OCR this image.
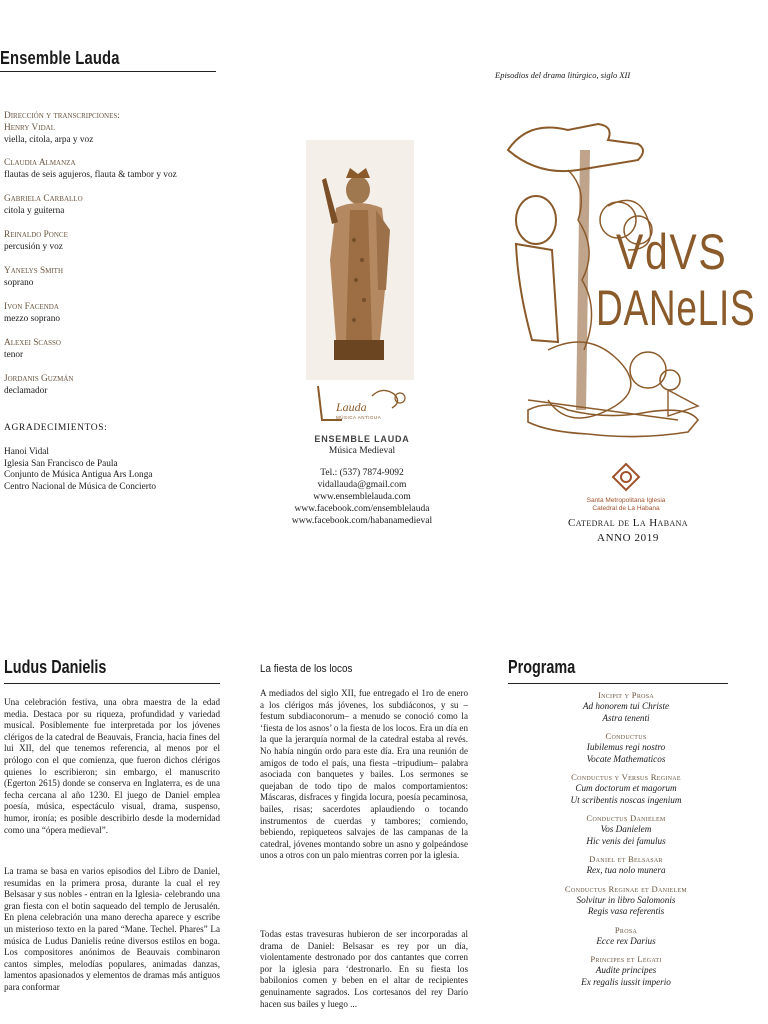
Ensemble Lauda
Dirección y transcripciones:
Henry Vidal
viella, citola, arpa y voz
Claudia Almanza
flautas de seis agujeros, flauta & tambor y voz
Gabriela Carballo
citola y guiterna
Reinaldo Ponce
percusión y voz
Yanelys Smith
soprano
Ivon Facenda
mezzo soprano
Alexei Scasso
tenor
Jordanis Guzmán
declamador
AGRADECIMIENTOS:
Hanoi Vidal
Iglesia San Francisco de Paula
Conjunto de Música Antigua Ars Longa
Centro Nacional de Música de Concierto
Lauda
MÚSICA ANTIGUA
ENSEMBLE LAUDA
Música Medieval
Tel.: (537) 7874-9092
vidallauda@gmail.com
www.ensemblelauda.com
www.facebook.com/ensemblelauda
www.facebook.com/habanamedieval
Episodios del drama litúrgico, siglo XII
VdVS
DANeLIS
Santa Metropolitana Iglesia
Catedral de La Habana
Catedral de La Habana
ANNO 2019
Ludus Danielis
Una celebración festiva, una obra maestra de la edad media. Destaca por su riqueza, profundidad y variedad musical. Posiblemente fue interpretada por los jóvenes clérigos de la catedral de Beauvais, Francia, hacia fines del lui XII, del que tenemos referencia, al menos por el prólogo con el que comienza, que fueron dichos clérigos quienes lo escribieron; sin embargo, el manuscrito (Egerton 2615) donde se conserva en Inglaterra, es de una fecha cercana al año 1230. El juego de Daniel emplea poesía, música, espectáculo visual, drama, suspenso, humor, ironía; es posible describirlo desde la modernidad como una “ópera medieval”.
La trama se basa en varios episodios del Libro de Daniel, resumidas en la primera prosa, durante la cual el rey Belsasar y sus nobles - entran en la Iglesia- celebrando una gran fiesta con el botín saqueado del templo de Jerusalén. En plena celebración una mano derecha aparece y escribe un misterioso texto en la pared “Mane. Techel. Phares” La música de Ludus Danielis reúne diversos estilos en boga. Los compositores anónimos de Beauvais combinaron cantos simples, melodías populares, animadas danzas, lamentos apasionados y elementos de dramas más antiguos para conformar
La fiesta de los locos
A mediados del siglo XII, fue entregado el 1ro de enero a los clérigos más jóvenes, los subdiáconos, y su –festum subdiaconorum– a menudo se conoció como la ‘fiesta de los asnos’ o la fiesta de los locos. Era un día en la que la jerarquía normal de la catedral estaba al revés. No había ningún ordo para este día. Era una reunión de amigos de todo el país, una fiesta –tripudium– palabra asociada con banquetes y bailes. Los sermones se quejaban de todo tipo de malos comportamientos: Máscaras, disfraces y fingida locura, poesía pecaminosa, bailes, risas; sacerdotes aplaudiendo o tocando instrumentos de cuerdas y tambores; comiendo, bebiendo, repiqueteos salvajes de las campanas de la catedral, jóvenes montando sobre un asno y golpeándose unos a otros con un palo mientras corren por la iglesia.
Todas estas travesuras hubieron de ser incorporadas al drama de Daniel: Belsasar es rey por un día, violentamente destronado por dos cantantes que corren por la iglesia para ‘destronarlo. En su fiesta los babilonios comen y beben en el altar de recipientes genuinamente sagrados. Los cortesanos del rey Darío hacen sus bailes y luego ...
Programa
Incipit y Prosa
Ad honorem tui Christe
Astra tenenti
Conductus
Iubilemus regi nostro
Vocate Mathematicos
Conductus y Versus Reginae
Cum doctorum et magorum
Ut scribentis noscas ingenium
Conductus Danielem
Vos Danielem
Hic venis dei famulus
Daniel et Belsasar
Rex, tua nolo munera
Conductus Reginae et Danielem
Solvitur in libro Salomonis
Regis vasa referentis
Prosa
Ecce rex Darius
Principes et Legati
Audite principes
Ex regalis iussit imperio
